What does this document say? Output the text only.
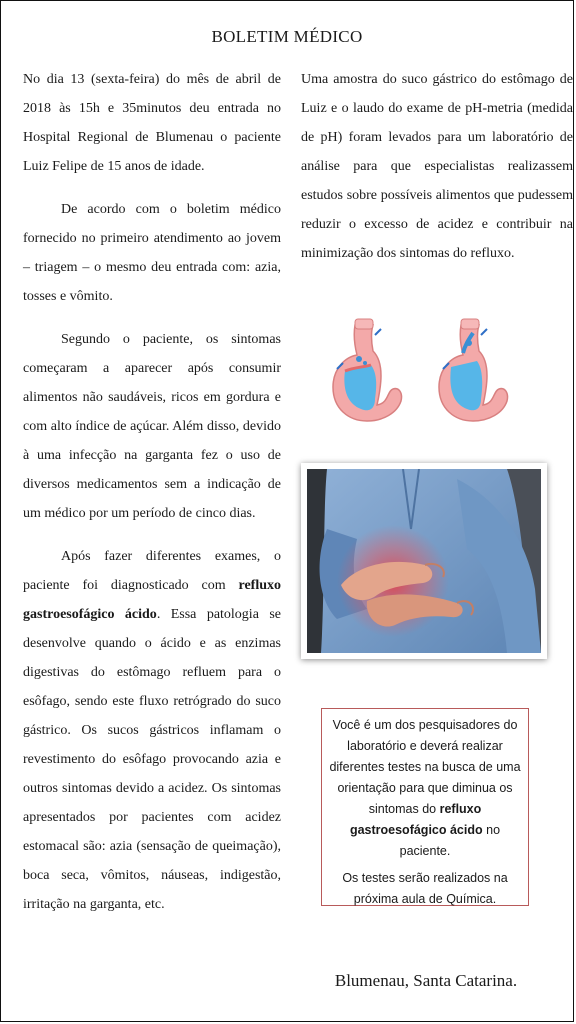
BOLETIM MÉDICO

No dia 13 (sexta-feira) do mês de abril de 2018 às 15h e 35minutos deu entrada no Hospital Regional de Blumenau o paciente Luiz Felipe de 15 anos de idade.

De acordo com o boletim médico fornecido no primeiro atendimento ao jovem – triagem – o mesmo deu entrada com: azia, tosses e vômito.

Segundo o paciente, os sintomas começaram a aparecer após consumir alimentos não saudáveis, ricos em gordura e com alto índice de açúcar. Além disso, devido à uma infecção na garganta fez o uso de diversos medicamentos sem a indicação de um médico por um período de cinco dias.

Após fazer diferentes exames, o paciente foi diagnosticado com refluxo gastroesofágico ácido. Essa patologia se desenvolve quando o ácido e as enzimas digestivas do estômago refluem para o esôfago, sendo este fluxo retrógrado do suco gástrico. Os sucos gástricos inflamam o revestimento do esôfago provocando azia e outros sintomas devido a acidez. Os sintomas apresentados por pacientes com acidez estomacal são: azia (sensação de queimação), boca seca, vômitos, náuseas, indigestão, irritação na garganta, etc.

Uma amostra do suco gástrico do estômago de Luiz e o laudo do exame de pH-metria (medida de pH) foram levados para um laboratório de análise para que especialistas realizassem estudos sobre possíveis alimentos que pudessem reduzir o excesso de acidez e contribuir na minimização dos sintomas do refluxo.

Você é um dos pesquisadores do laboratório e deverá realizar diferentes testes na busca de uma orientação para que diminua os sintomas do refluxo gastroesofágico ácido no paciente.

Os testes serão realizados na próxima aula de Química.

Blumenau, Santa Catarina.
